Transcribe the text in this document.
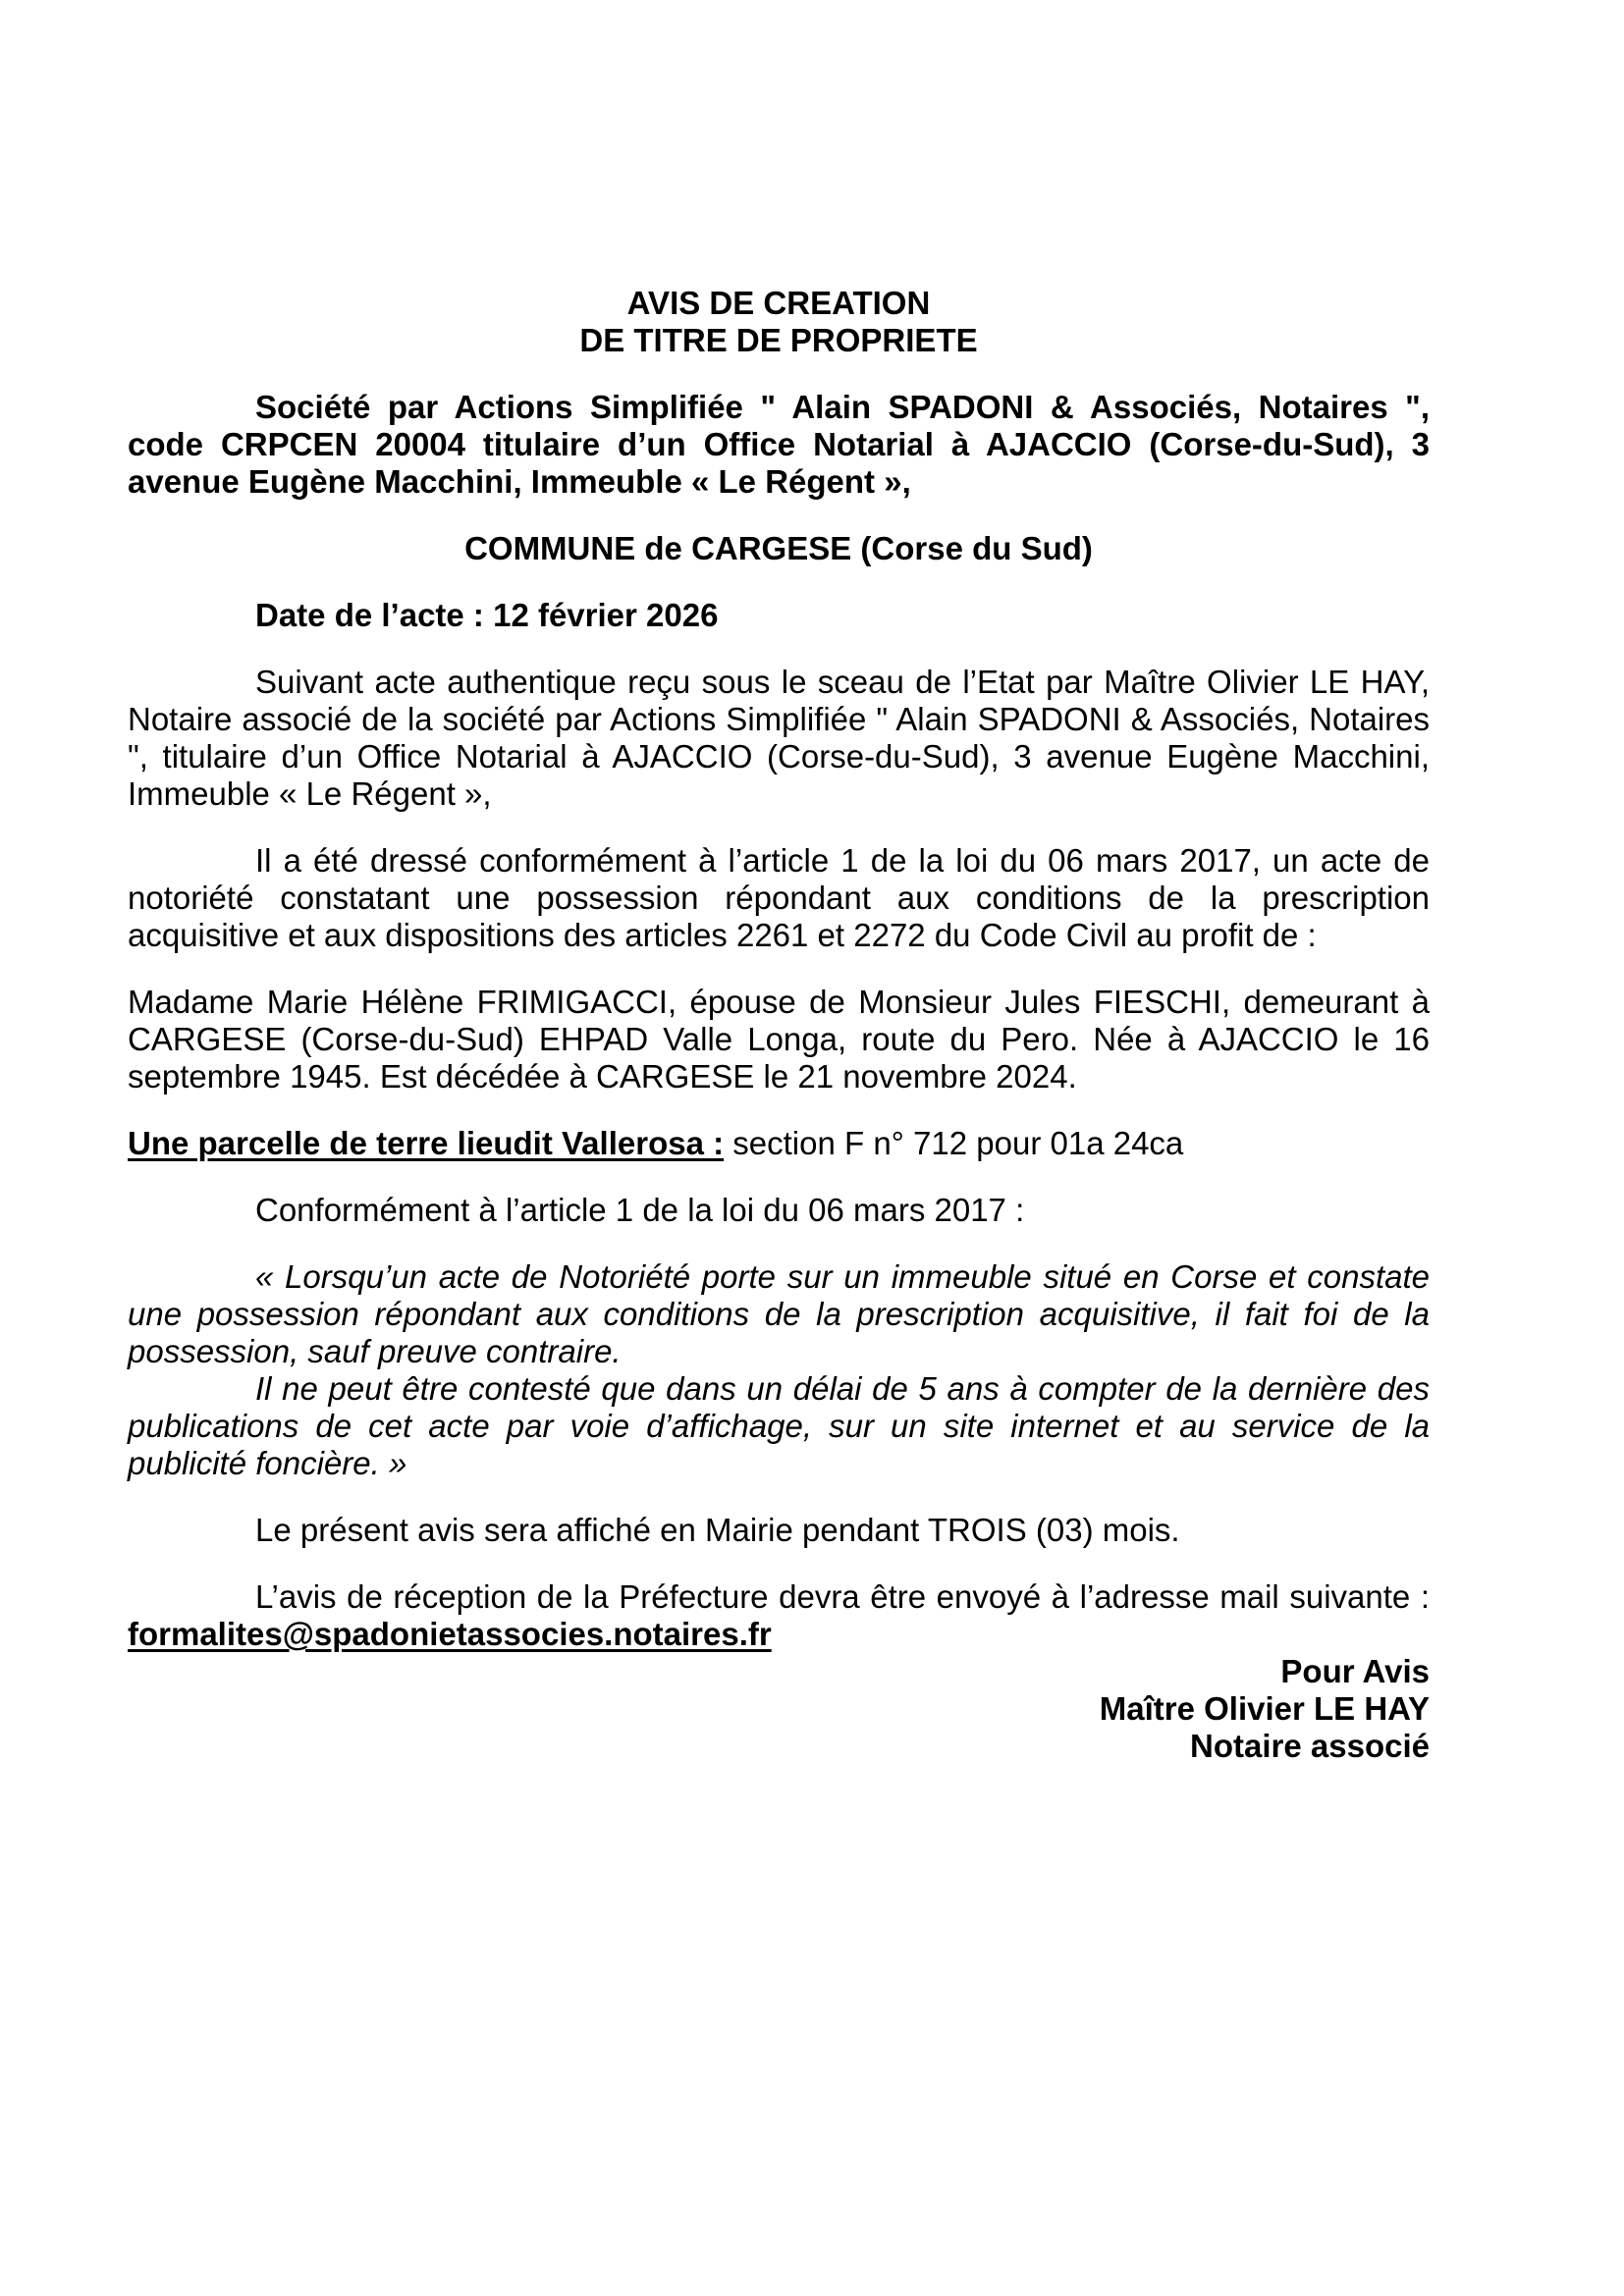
AVIS DE CREATION
DE TITRE DE PROPRIETE

Société par Actions Simplifiée " Alain SPADONI & Associés, Notaires ", code CRPCEN 20004 titulaire d’un Office Notarial à AJACCIO (Corse-du-Sud), 3 avenue Eugène Macchini, Immeuble « Le Régent »,

COMMUNE de CARGESE (Corse du Sud)

Date de l’acte : 12 février 2026

Suivant acte authentique reçu sous le sceau de l’Etat par Maître Olivier LE HAY, Notaire associé de la société par Actions Simplifiée " Alain SPADONI & Associés, Notaires ", titulaire d’un Office Notarial à AJACCIO (Corse-du-Sud), 3 avenue Eugène Macchini, Immeuble « Le Régent »,

Il a été dressé conformément à l’article 1 de la loi du 06 mars 2017, un acte de notoriété constatant une possession répondant aux conditions de la prescription acquisitive et aux dispositions des articles 2261 et 2272 du Code Civil au profit de :

Madame Marie Hélène FRIMIGACCI, épouse de Monsieur Jules FIESCHI, demeurant à CARGESE (Corse-du-Sud) EHPAD Valle Longa, route du Pero. Née à AJACCIO le 16 septembre 1945. Est décédée à CARGESE le 21 novembre 2024.

Une parcelle de terre lieudit Vallerosa : section F n° 712 pour 01a 24ca

Conformément à l’article 1 de la loi du 06 mars 2017 :

« Lorsqu’un acte de Notoriété porte sur un immeuble situé en Corse et constate une possession répondant aux conditions de la prescription acquisitive, il fait foi de la possession, sauf preuve contraire.

Il ne peut être contesté que dans un délai de 5 ans à compter de la dernière des publications de cet acte par voie d’affichage, sur un site internet et au service de la publicité foncière. »

Le présent avis sera affiché en Mairie pendant TROIS (03) mois.

L’avis de réception de la Préfecture devra être envoyé à l’adresse mail suivante : formalites@spadonietassocies.notaires.fr

Pour Avis
Maître Olivier LE HAY
Notaire associé
